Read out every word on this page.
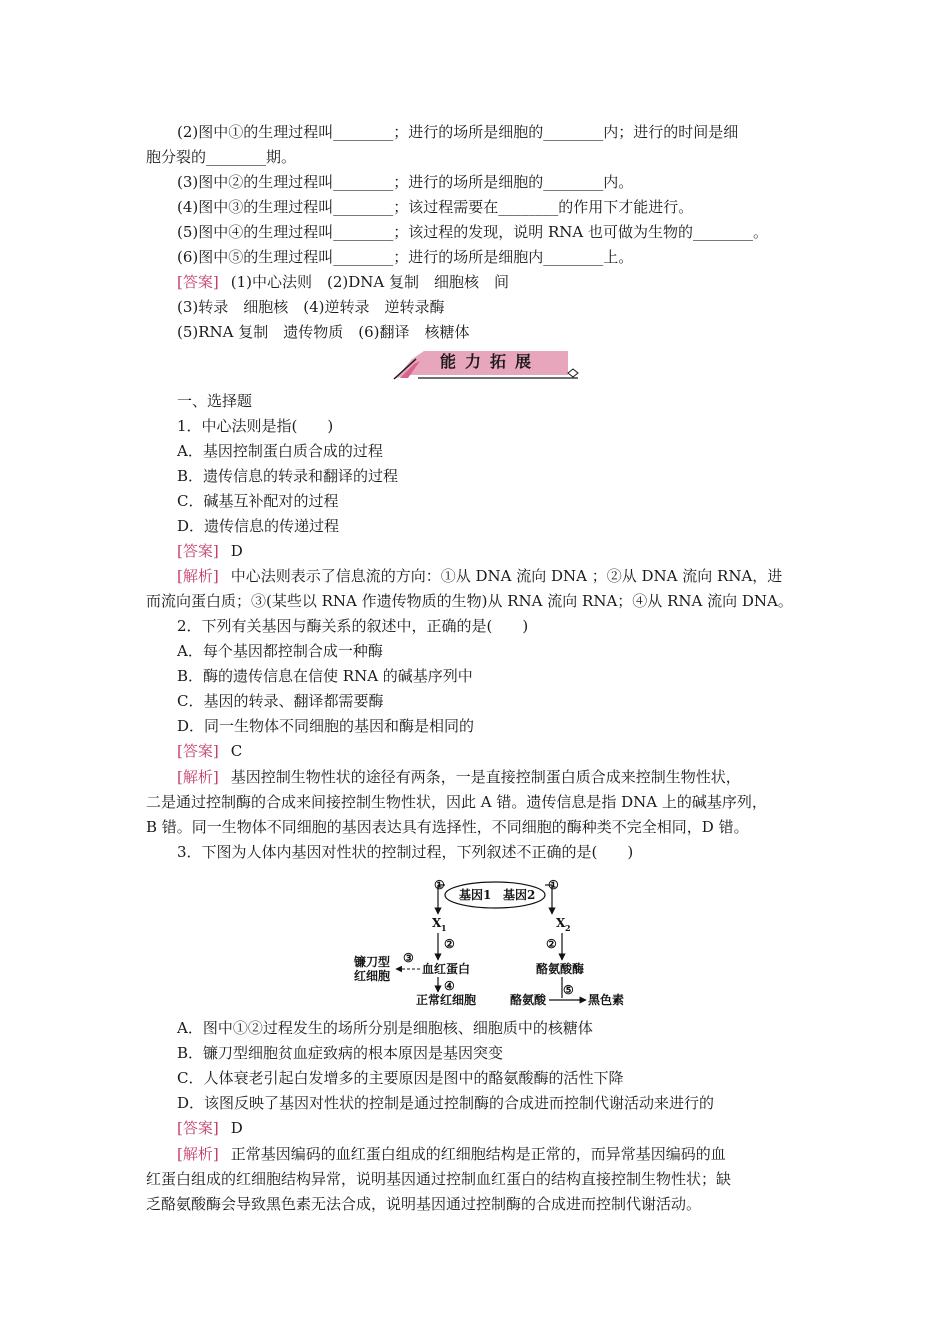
(2)图中①的生理过程叫________；进行的场所是细胞的________内；进行的时间是细
胞分裂的________期。
(3)图中②的生理过程叫________；进行的场所是细胞的________内。
(4)图中③的生理过程叫________；该过程需要在________的作用下才能进行。
(5)图中④的生理过程叫________；该过程的发现，说明 RNA 也可做为生物的________。
(6)图中⑤的生理过程叫________；进行的场所是细胞内________上。
[答案] (1)中心法则　(2)DNA 复制　细胞核　间
(3)转录　细胞核　(4)逆转录　逆转录酶
(5)RNA 复制　遗传物质　(6)翻译　核糖体
能力拓展
一、选择题
1．中心法则是指(　　)
A．基因控制蛋白质合成的过程
B．遗传信息的转录和翻译的过程
C．碱基互补配对的过程
D．遗传信息的传递过程
[答案] D
[解析] 中心法则表示了信息流的方向：①从 DNA 流向 DNA ；②从 DNA 流向 RNA，进
而流向蛋白质；③(某些以 RNA 作遗传物质的生物)从 RNA 流向 RNA；④从 RNA 流向 DNA。
2．下列有关基因与酶关系的叙述中，正确的是(　　)
A．每个基因都控制合成一种酶
B．酶的遗传信息在信使 RNA 的碱基序列中
C．基因的转录、翻译都需要酶
D．同一生物体不同细胞的基因和酶是相同的
[答案] C
[解析] 基因控制生物性状的途径有两条，一是直接控制蛋白质合成来控制生物性状，
二是通过控制酶的合成来间接控制生物性状，因此 A 错。遗传信息是指 DNA 上的碱基序列，
B 错。同一生物体不同细胞的基因表达具有选择性，不同细胞的酶种类不完全相同，D 错。
3．下图为人体内基因对性状的控制过程，下列叙述不正确的是(　　)
基因1 基因2
①	①
X 1	X 2
②	②
血红蛋白	酪氨酸酶
镰刀型
红细胞
③
④
正常红细胞	酪氨酸
⑤
黑色素
A．图中①②过程发生的场所分别是细胞核、细胞质中的核糖体
B．镰刀型细胞贫血症致病的根本原因是基因突变
C．人体衰老引起白发增多的主要原因是图中的酪氨酸酶的活性下降
D．该图反映了基因对性状的控制是通过控制酶的合成进而控制代谢活动来进行的
[答案] D
[解析] 正常基因编码的血红蛋白组成的红细胞结构是正常的，而异常基因编码的血
红蛋白组成的红细胞结构异常，说明基因通过控制血红蛋白的结构直接控制生物性状；缺
乏酪氨酸酶会导致黑色素无法合成，说明基因通过控制酶的合成进而控制代谢活动。
